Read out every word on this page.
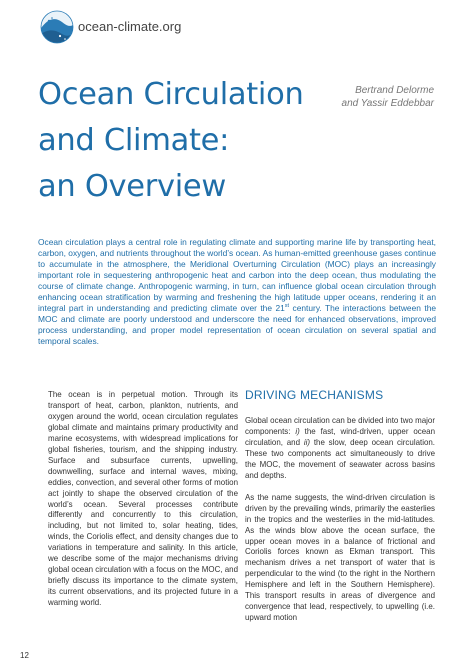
ocean-climate.org
Ocean Circulation
and Climate:
an Overview
Bertrand Delorme
and Yassir Eddebbar

Ocean circulation plays a central role in regulating climate and supporting marine life by transporting heat, carbon, oxygen, and nutrients throughout the world’s ocean. As human-emitted greenhouse gases continue to accumulate in the atmosphere, the Meridional Overturning Circulation (MOC) plays an increasingly important role in sequestering anthropogenic heat and carbon into the deep ocean, thus modulating the course of climate change. Anthropogenic warming, in turn, can influence global ocean circulation through enhancing ocean stratification by warming and freshening the high latitude upper oceans, rendering it an integral part in understanding and predicting climate over the 21st century. The interactions between the MOC and climate are poorly understood and underscore the need for enhanced observations, improved process understanding, and proper model representation of ocean circulation on several spatial and temporal scales.

The ocean is in perpetual motion. Through its transport of heat, carbon, plankton, nutrients, and oxygen around the world, ocean circulation regulates global climate and maintains primary productivity and marine ecosystems, with widespread implications for global fisheries, tourism, and the shipping industry. Surface and subsurface currents, upwelling, downwelling, surface and internal waves, mixing, eddies, convection, and several other forms of motion act jointly to shape the observed circulation of the world’s ocean. Several processes contribute differently and concurrently to this circulation, including, but not limited to, solar heating, tides, winds, the Coriolis effect, and density changes due to variations in temperature and salinity. In this article, we describe some of the major mechanisms driving global ocean circulation with a focus on the MOC, and briefly discuss its importance to the climate system, its current observations, and its projected future in a warming world.

DRIVING MECHANISMS

Global ocean circulation can be divided into two major components: i) the fast, wind-driven, upper ocean circulation, and ii) the slow, deep ocean circulation. These two components act simultaneously to drive the MOC, the movement of seawater across basins and depths.

As the name suggests, the wind-driven circulation is driven by the prevailing winds, primarily the easterlies in the tropics and the westerlies in the mid-latitudes. As the winds blow above the ocean surface, the upper ocean moves in a balance of frictional and Coriolis forces known as Ekman transport. This mechanism drives a net transport of water that is perpendicular to the wind (to the right in the Northern Hemisphere and left in the Southern Hemisphere). This transport results in areas of divergence and convergence that lead, respectively, to upwelling (i.e. upward motion

12
